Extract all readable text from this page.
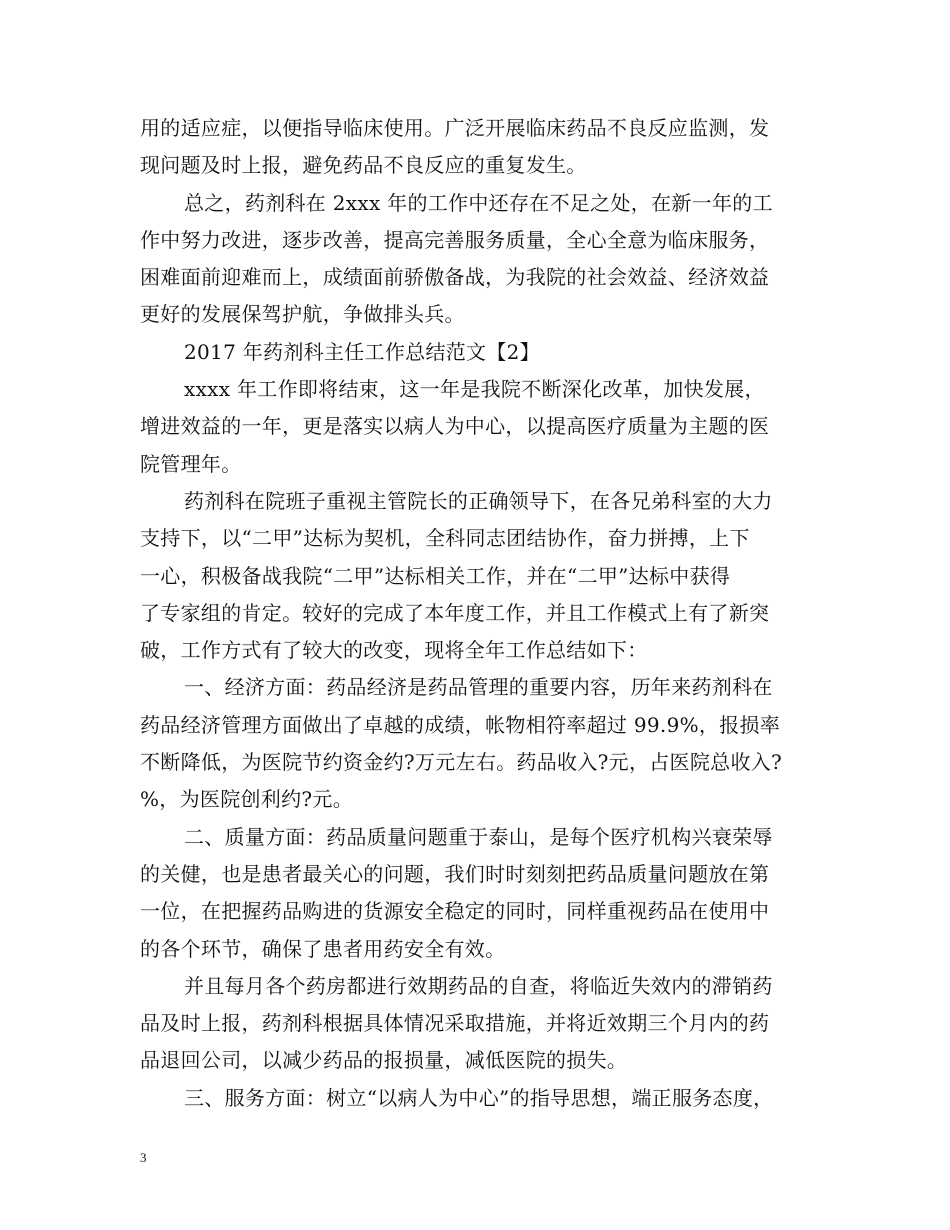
用的适应症，以便指导临床使用。广泛开展临床药品不良反应监测，发
现问题及时上报，避免药品不良反应的重复发生。
总之，药剂科在 2xxx 年的工作中还存在不足之处，在新一年的工
作中努力改进，逐步改善，提高完善服务质量，全心全意为临床服务，
困难面前迎难而上，成绩面前骄傲备战，为我院的社会效益、经济效益
更好的发展保驾护航，争做排头兵。
2017 年药剂科主任工作总结范文【2】
xxxx 年工作即将结束，这一年是我院不断深化改革，加快发展，
增进效益的一年，更是落实以病人为中心，以提高医疗质量为主题的医
院管理年。
药剂科在院班子重视主管院长的正确领导下，在各兄弟科室的大力
支持下，以“二甲”达标为契机，全科同志团结协作，奋力拼搏，上下
一心，积极备战我院“二甲”达标相关工作，并在“二甲”达标中获得
了专家组的肯定。较好的完成了本年度工作，并且工作模式上有了新突
破，工作方式有了较大的改变，现将全年工作总结如下：
一、经济方面：药品经济是药品管理的重要内容，历年来药剂科在
药品经济管理方面做出了卓越的成绩，帐物相符率超过 99.9%，报损率
不断降低，为医院节约资金约?万元左右。药品收入?元，占医院总收入?
%，为医院创利约?元。
二、质量方面：药品质量问题重于泰山，是每个医疗机构兴衰荣辱
的关健，也是患者最关心的问题，我们时时刻刻把药品质量问题放在第
一位，在把握药品购进的货源安全稳定的同时，同样重视药品在使用中
的各个环节，确保了患者用药安全有效。
并且每月各个药房都进行效期药品的自查，将临近失效内的滞销药
品及时上报，药剂科根据具体情况采取措施，并将近效期三个月内的药
品退回公司，以减少药品的报损量，减低医院的损失。
三、服务方面：树立“以病人为中心”的指导思想，端正服务态度，
3
